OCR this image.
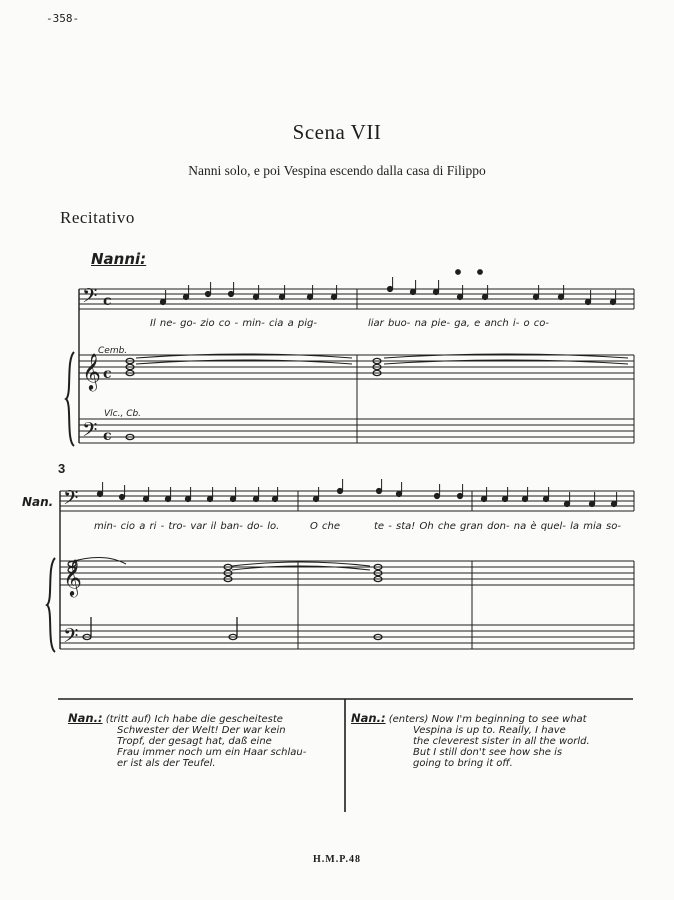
-358-
Scena VII
Nanni solo, e poi Vespina escendo dalla casa di Filippo
Recitativo
𝄢
𝄞
𝄢
c
c
c
𝄢
𝄞
𝄢
Nanni:
Cemb.
Vlc., Cb.
Il ne- go- zio co - min- cia a pig-	liar buo- na pie- ga, e anch i- o co-
3
Nan.
min- cio a ri - tro- var il ban- do- lo.	O che	te - sta! Oh che gran don- na è quel- la mia so-
Nan.: (tritt auf) Ich habe die gescheiteste
Schwester der Welt! Der war kein
Tropf, der gesagt hat, daß eine
Frau immer noch um ein Haar schlau-
er ist als der Teufel.
Nan.: (enters) Now I'm beginning to see what
Vespina is up to. Really, I have
the cleverest sister in all the world.
But I still don't see how she is
going to bring it off.
H.M.P.48
